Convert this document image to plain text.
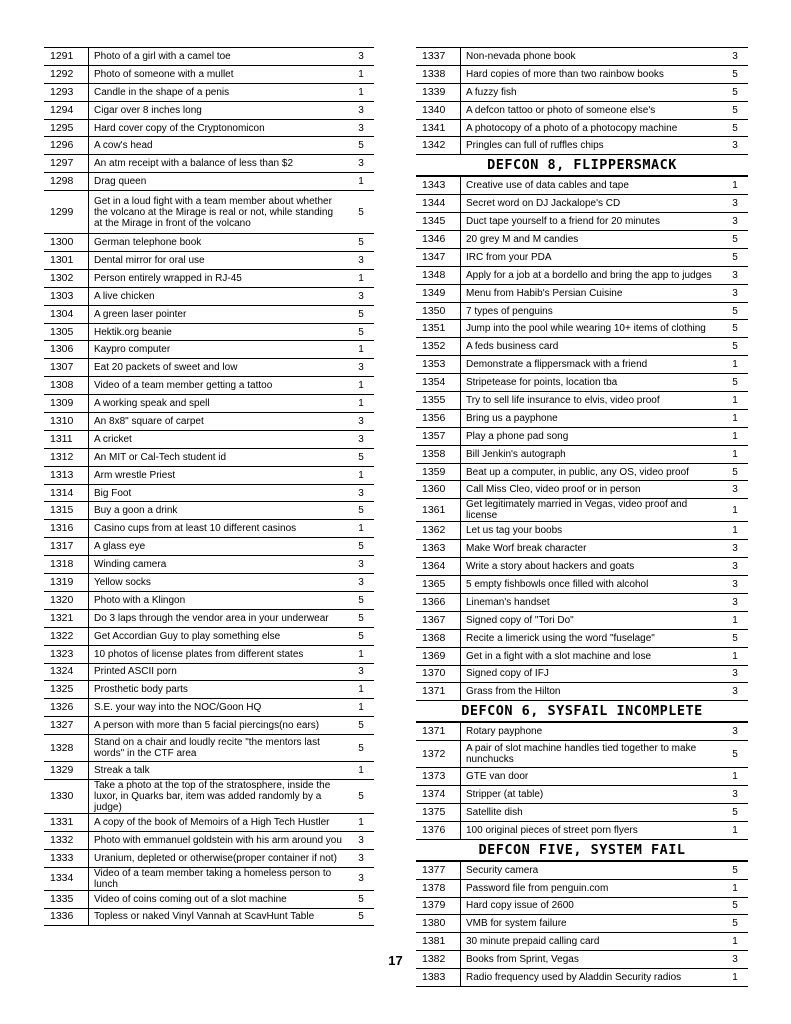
1291	Photo of a girl with a camel toe	3
1292	Photo of someone with a mullet	1
1293	Candle in the shape of a penis	1
1294	Cigar over 8 inches long	3
1295	Hard cover copy of the Cryptonomicon	3
1296	A cow's head	5
1297	An atm receipt with a balance of less than $2	3
1298	Drag queen	1
1299	Get in a loud fight with a team member about whether the volcano at the Mirage is real or not, while standing at the Mirage in front of the volcano	5
1300	German telephone book	5
1301	Dental mirror for oral use	3
1302	Person entirely wrapped in RJ-45	1
1303	A live chicken	3
1304	A green laser pointer	5
1305	Hektik.org beanie	5
1306	Kaypro computer	1
1307	Eat 20 packets of sweet and low	3
1308	Video of a team member getting a tattoo	1
1309	A working speak and spell	1
1310	An 8x8" square of carpet	3
1311	A cricket	3
1312	An MIT or Cal-Tech student id	5
1313	Arm wrestle Priest	1
1314	Big Foot	3
1315	Buy a goon a drink	5
1316	Casino cups from at least 10 different casinos	1
1317	A glass eye	5
1318	Winding camera	3
1319	Yellow socks	3
1320	Photo with a Klingon	5
1321	Do 3 laps through the vendor area in your underwear	5
1322	Get Accordian Guy to play something else	5
1323	10 photos of license plates from different states	1
1324	Printed ASCII porn	3
1325	Prosthetic body parts	1
1326	S.E. your way into the NOC/Goon HQ	1
1327	A person with more than 5 facial piercings(no ears)	5
1328	Stand on a chair and loudly recite "the mentors last words" in the CTF area	5
1329	Streak a talk	1
1330	Take a photo at the top of the stratosphere, inside the luxor, in Quarks bar, item was added randomly by a judge)	5
1331	A copy of the book of Memoirs of a High Tech Hustler	1
1332	Photo with emmanuel goldstein with his arm around you	3
1333	Uranium, depleted or otherwise(proper container if not)	3
1334	Video of a team member taking a homeless person to lunch	3
1335	Video of coins coming out of a slot machine	5
1336	Topless or naked Vinyl Vannah at ScavHunt Table	5
1337	Non-nevada phone book	3
1338	Hard copies of more than two rainbow books	5
1339	A fuzzy fish	5
1340	A defcon tattoo or photo of someone else's	5
1341	A photocopy of a photo of a photocopy machine	5
1342	Pringles can full of ruffles chips	3
DEFCON 8, FLIPPERSMACK
1343	Creative use of data cables and tape	1
1344	Secret word on DJ Jackalope's CD	3
1345	Duct tape yourself to a friend for 20 minutes	3
1346	20 grey M and M candies	5
1347	IRC from your PDA	5
1348	Apply for a job at a bordello and bring the app to judges	3
1349	Menu from Habib's Persian Cuisine	3
1350	7 types of penguins	5
1351	Jump into the pool while wearing 10+ items of clothing	5
1352	A feds business card	5
1353	Demonstrate a flippersmack with a friend	1
1354	Stripetease for points, location tba	5
1355	Try to sell life insurance to elvis, video proof	1
1356	Bring us a payphone	1
1357	Play a phone pad song	1
1358	Bill Jenkin's autograph	1
1359	Beat up a computer, in public, any OS, video proof	5
1360	Call Miss Cleo, video proof or in person	3
1361	Get legitimately married in Vegas, video proof and license	1
1362	Let us tag your boobs	1
1363	Make Worf break character	3
1364	Write a story about hackers and goats	3
1365	5 empty fishbowls once filled with alcohol	3
1366	Lineman's handset	3
1367	Signed copy of "Tori Do"	1
1368	Recite a limerick using the word "fuselage"	5
1369	Get in a fight with a slot machine and lose	1
1370	Signed copy of IFJ	3
1371	Grass from the Hilton	3
DEFCON 6, SYSFAIL INCOMPLETE
1371	Rotary payphone	3
1372	A pair of slot machine handles tied together to make nunchucks	5
1373	GTE van door	1
1374	Stripper (at table)	3
1375	Satellite dish	5
1376	100 original pieces of street porn flyers	1
DEFCON FIVE, SYSTEM FAIL
1377	Security camera	5
1378	Password file from penguin.com	1
1379	Hard copy issue of 2600	5
1380	VMB for system failure	5
1381	30 minute prepaid calling card	1
1382	Books from Sprint, Vegas	3
1383	Radio frequency used by Aladdin Security radios	1
17
